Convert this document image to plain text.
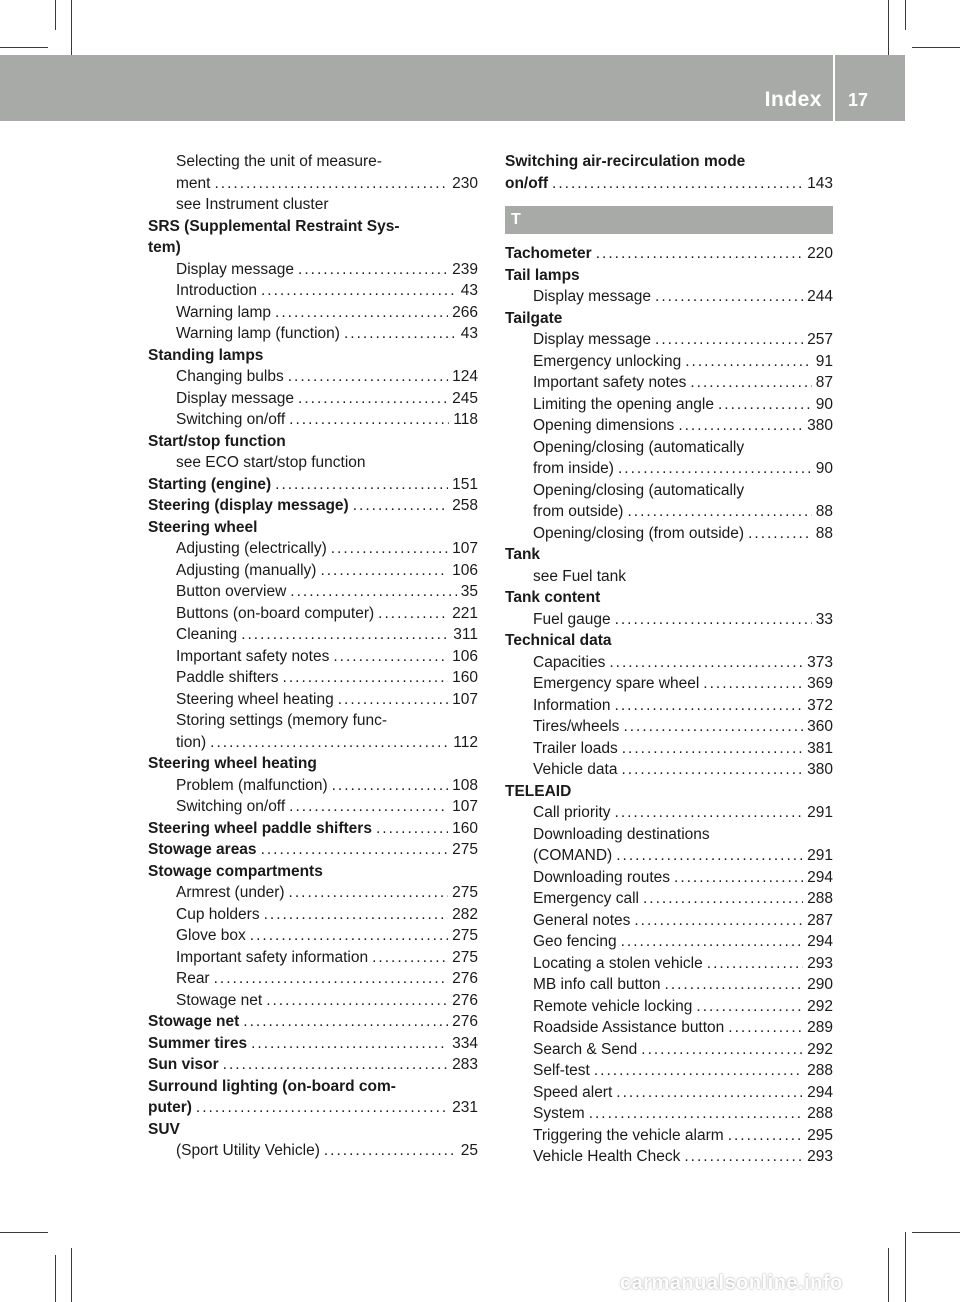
Index 17
Selecting the unit of measure-
ment .....	230
see Instrument cluster
SRS (Supplemental Restraint Sys-
tem)
Display message .....	239
Introduction .....	43
Warning lamp .....	266
Warning lamp (function) .....	43
Standing lamps
Changing bulbs .....	124
Display message .....	245
Switching on/off .....	118
Start/stop function
see ECO start/stop function
Starting (engine) .....	151
Steering (display message) .....	258
Steering wheel
Adjusting (electrically) .....	107
Adjusting (manually) .....	106
Button overview .....	35
Buttons (on-board computer) .....	221
Cleaning .....	311
Important safety notes .....	106
Paddle shifters .....	160
Steering wheel heating .....	107
Storing settings (memory func-
tion) .....	112
Steering wheel heating
Problem (malfunction) .....	108
Switching on/off .....	107
Steering wheel paddle shifters .....	160
Stowage areas .....	275
Stowage compartments
Armrest (under) .....	275
Cup holders .....	282
Glove box .....	275
Important safety information .....	275
Rear .....	276
Stowage net .....	276
Stowage net .....	276
Summer tires .....	334
Sun visor .....	283
Surround lighting (on-board com-
puter) .....	231
SUV
(Sport Utility Vehicle) .....	25
Switching air-recirculation mode
on/off .....	143
T
Tachometer .....	220
Tail lamps
Display message .....	244
Tailgate
Display message .....	257
Emergency unlocking .....	91
Important safety notes .....	87
Limiting the opening angle .....	90
Opening dimensions .....	380
Opening/closing (automatically
from inside) .....	90
Opening/closing (automatically
from outside) .....	88
Opening/closing (from outside) .....	88
Tank
see Fuel tank
Tank content
Fuel gauge .....	33
Technical data
Capacities .....	373
Emergency spare wheel .....	369
Information .....	372
Tires/wheels .....	360
Trailer loads .....	381
Vehicle data .....	380
TELEAID
Call priority .....	291
Downloading destinations
(COMAND) .....	291
Downloading routes .....	294
Emergency call .....	288
General notes .....	287
Geo fencing .....	294
Locating a stolen vehicle .....	293
MB info call button .....	290
Remote vehicle locking .....	292
Roadside Assistance button .....	289
Search & Send .....	292
Self-test .....	288
Speed alert .....	294
System .....	288
Triggering the vehicle alarm .....	295
Vehicle Health Check .....	293
carmanualsonline.info
